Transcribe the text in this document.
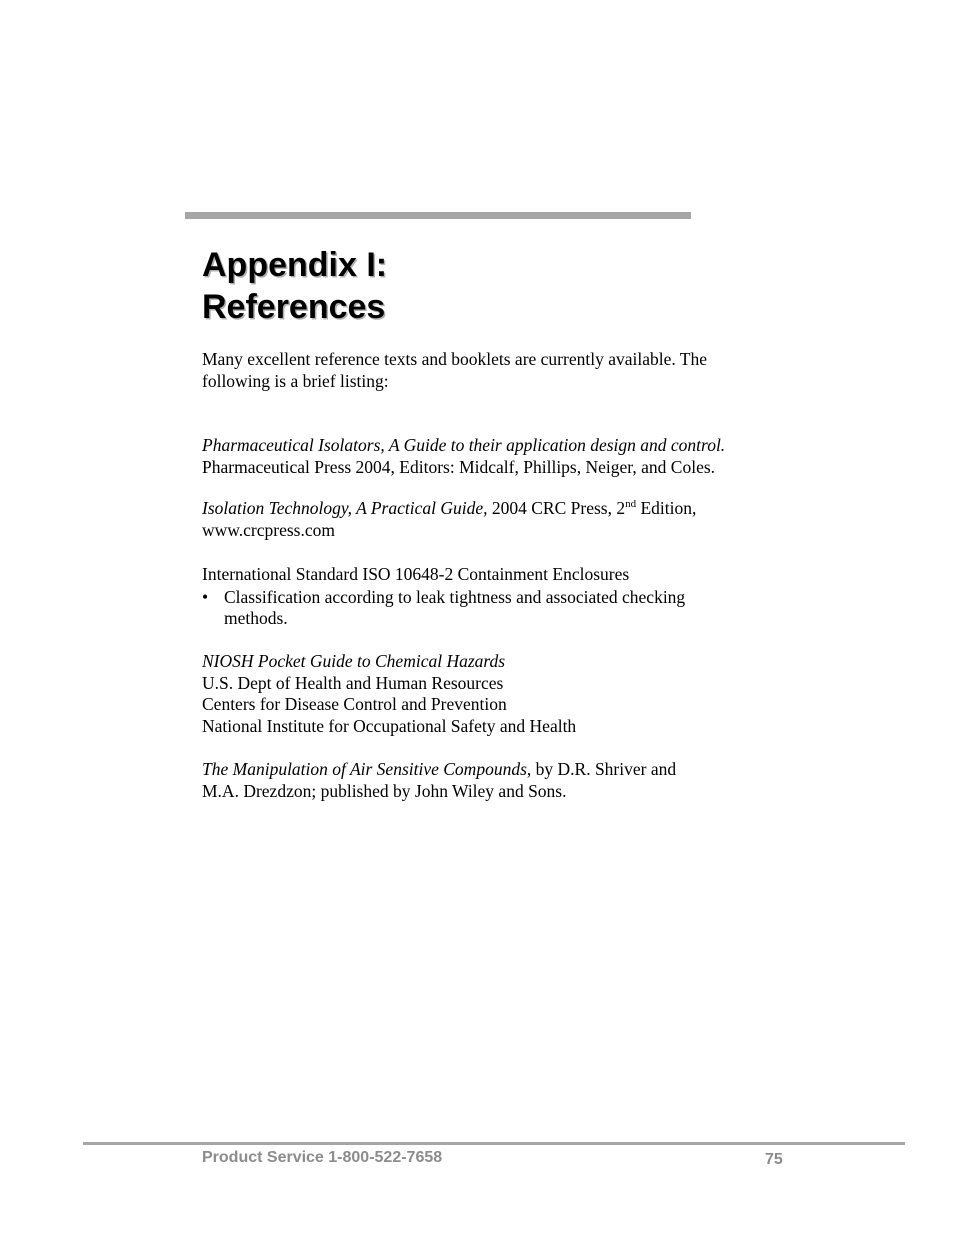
Appendix I:
References

Many excellent reference texts and booklets are currently available. The
following is a brief listing:

Pharmaceutical Isolators, A Guide to their application design and control.
Pharmaceutical Press 2004, Editors: Midcalf, Phillips, Neiger, and Coles.
Isolation Technology, A Practical Guide, 2004 CRC Press, 2nd Edition,
www.crcpress.com
International Standard ISO 10648-2 Containment Enclosures
• Classification according to leak tightness and associated checking
methods.
NIOSH Pocket Guide to Chemical Hazards
U.S. Dept of Health and Human Resources
Centers for Disease Control and Prevention
National Institute for Occupational Safety and Health
The Manipulation of Air Sensitive Compounds, by D.R. Shriver and
M.A. Drezdzon; published by John Wiley and Sons.
Product Service 1-800-522-7658	75
